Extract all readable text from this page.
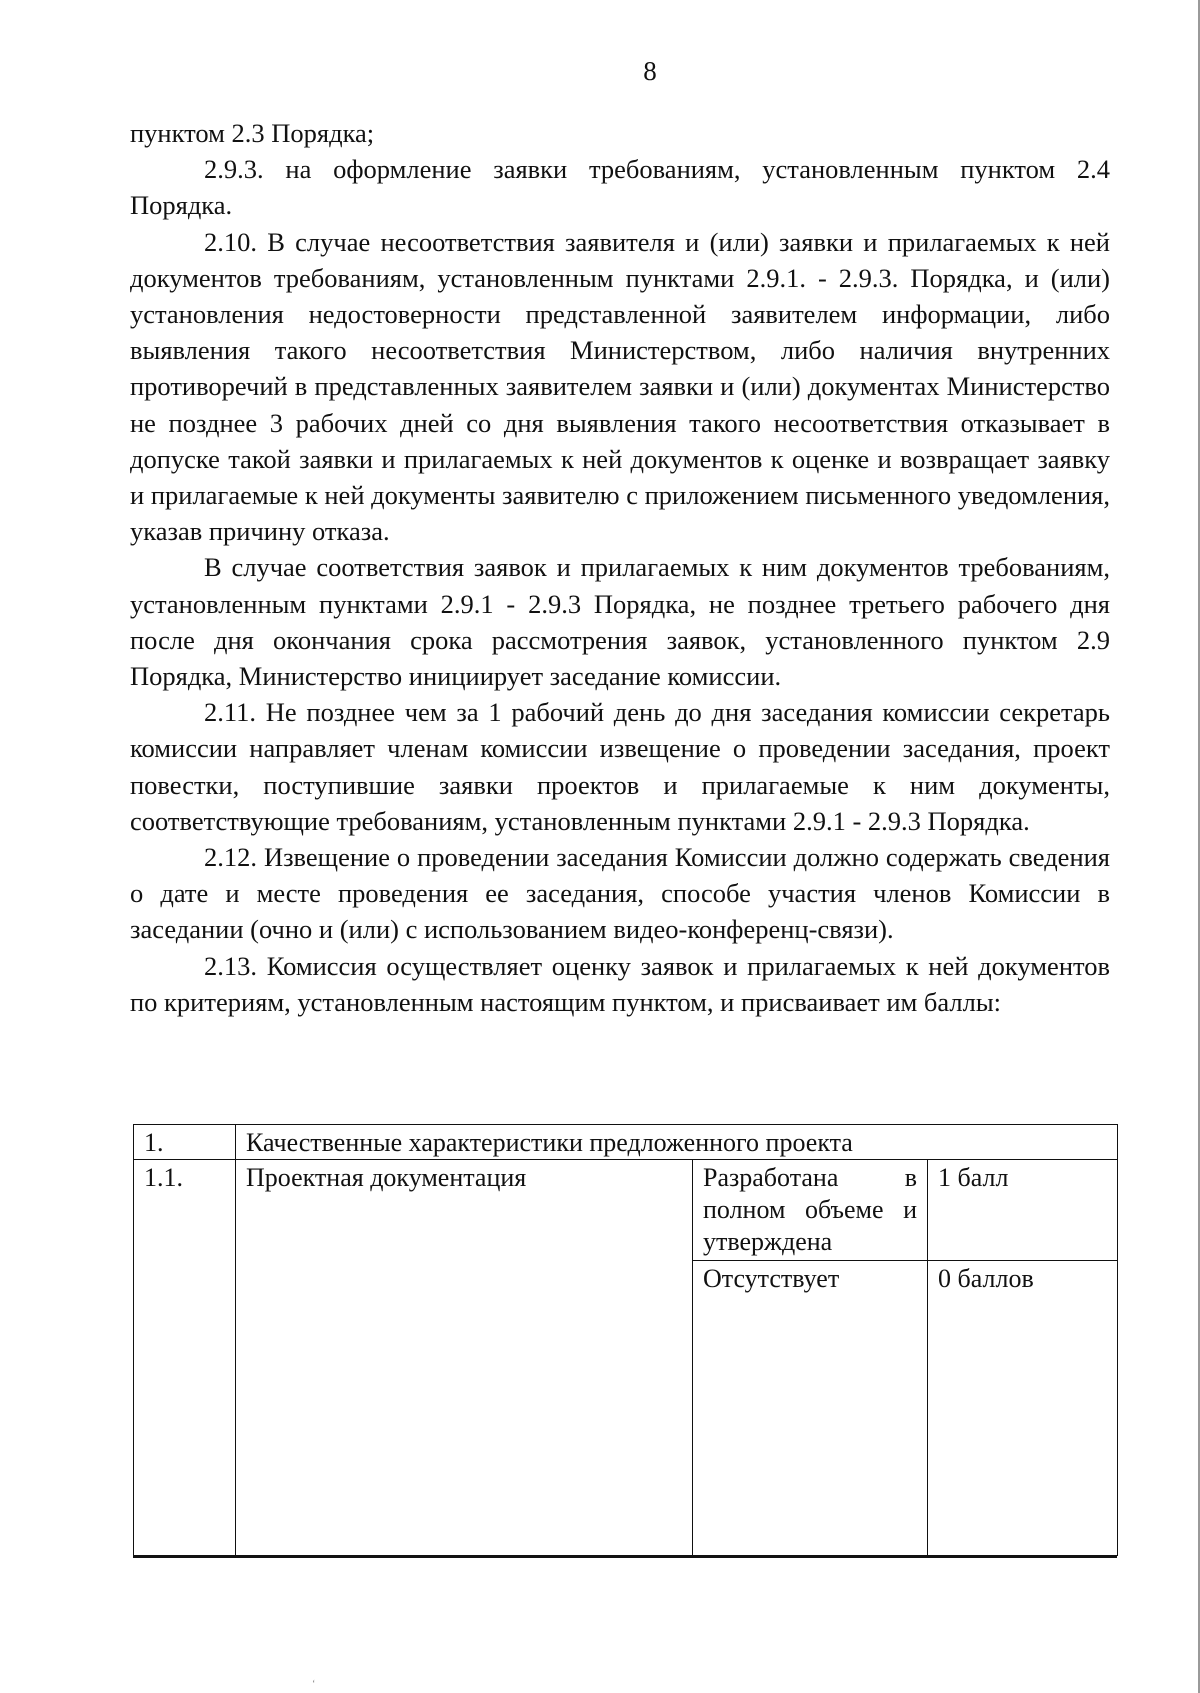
8

пунктом 2.3 Порядка;

2.9.3. на оформление заявки требованиям, установленным пунктом 2.4 Порядка.

2.10. В случае несоответствия заявителя и (или) заявки и прилагаемых к ней документов требованиям, установленным пунктами 2.9.1. - 2.9.3. Порядка, и (или) установления недостоверности представленной заявителем информации, либо выявления такого несоответствия Министерством, либо наличия внутренних противоречий в представленных заявителем заявки и (или) документах Министерство не позднее 3 рабочих дней со дня выявления такого несоответствия отказывает в допуске такой заявки и прилагаемых к ней документов к оценке и возвращает заявку и прилагаемые к ней документы заявителю с приложением письменного уведомления, указав причину отказа.

В случае соответствия заявок и прилагаемых к ним документов требованиям, установленным пунктами 2.9.1 - 2.9.3 Порядка, не позднее третьего рабочего дня после дня окончания срока рассмотрения заявок, установленного пунктом 2.9 Порядка, Министерство инициирует заседание комиссии.

2.11. Не позднее чем за 1 рабочий день до дня заседания комиссии секретарь комиссии направляет членам комиссии извещение о проведении заседания, проект повестки, поступившие заявки проектов и прилагаемые к ним документы, соответствующие требованиям, установленным пунктами 2.9.1 - 2.9.3 Порядка.

2.12. Извещение о проведении заседания Комиссии должно содержать сведения о дате и месте проведения ее заседания, способе участия членов Комиссии в заседании (очно и (или) с использованием видео-конференц-связи).

2.13. Комиссия осуществляет оценку заявок и прилагаемых к ней документов по критериям, установленным настоящим пунктом, и присваивает им баллы:

1.	Качественные характеристики предложенного проекта		
1.1.	Проектная документация	Разработана в полном объеме и утверждена	1 балл
		Отсутствует	0 баллов
ʻ
